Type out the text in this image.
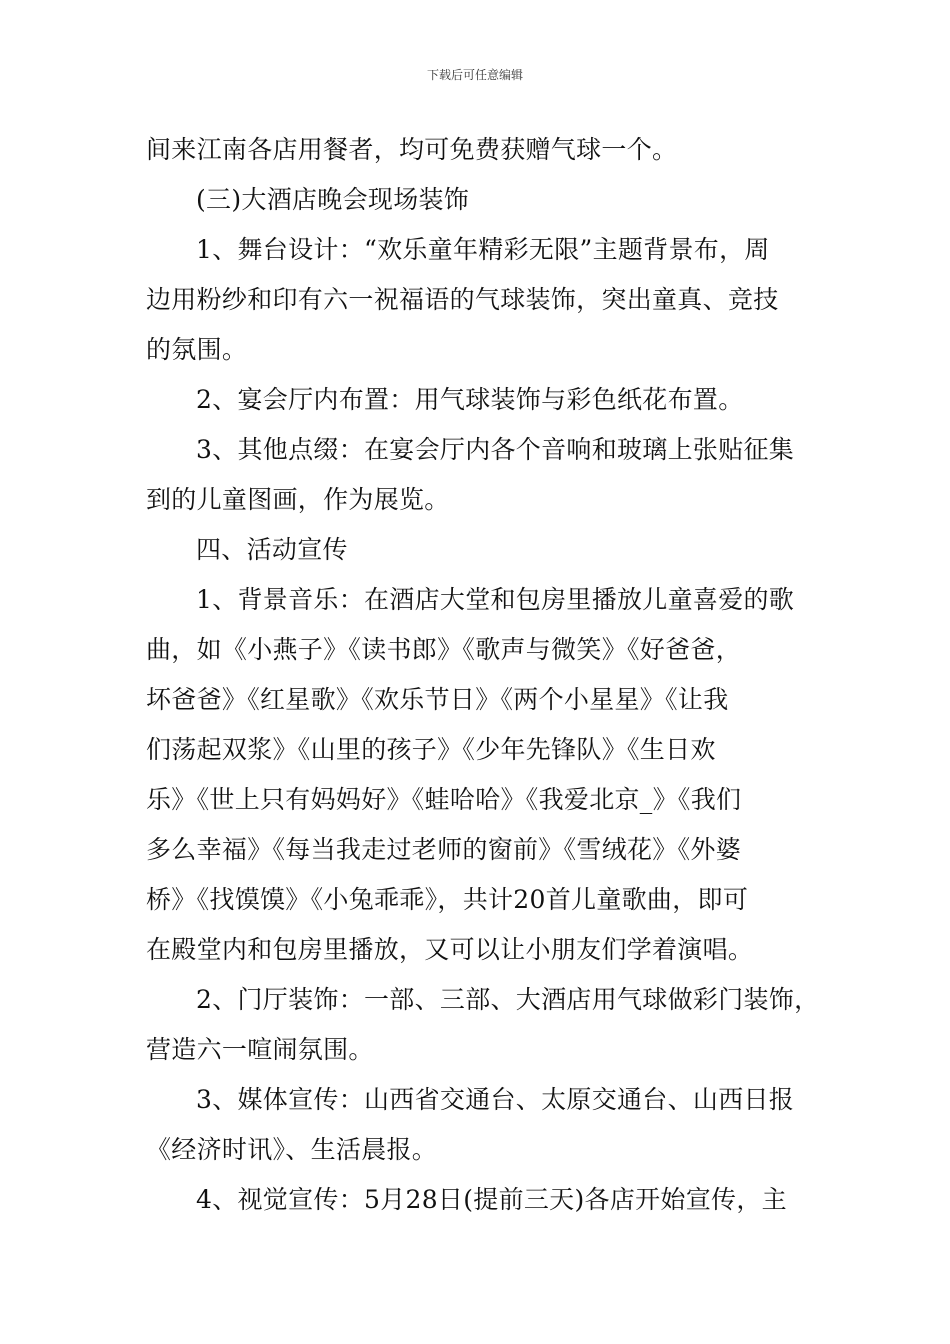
下载后可任意编辑
间来江南各店用餐者，均可免费获赠气球一个。
(三)大酒店晚会现场装饰
1、舞台设计：“欢乐童年精彩无限”主题背景布，周
边用粉纱和印有六一祝福语的气球装饰，突出童真、竞技
的氛围。
2、宴会厅内布置：用气球装饰与彩色纸花布置。
3、其他点缀：在宴会厅内各个音响和玻璃上张贴征集
到的儿童图画，作为展览。
四、活动宣传
1、背景音乐：在酒店大堂和包房里播放儿童喜爱的歌
曲，如《小燕子》《读书郎》《歌声与微笑》《好爸爸，
坏爸爸》《红星歌》《欢乐节日》《两个小星星》《让我
们荡起双浆》《山里的孩子》《少年先锋队》《生日欢
乐》《世上只有妈妈好》《蛙哈哈》《我爱北京_》《我们
多么幸福》《每当我走过老师的窗前》《雪绒花》《外婆
桥》《找馍馍》《小兔乖乖》，共计20首儿童歌曲，即可
在殿堂内和包房里播放，又可以让小朋友们学着演唱。
2、门厅装饰：一部、三部、大酒店用气球做彩门装饰，
营造六一喧闹氛围。
3、媒体宣传：山西省交通台、太原交通台、山西日报
《经济时讯》、生活晨报。
4、视觉宣传：5月28日(提前三天)各店开始宣传，主
